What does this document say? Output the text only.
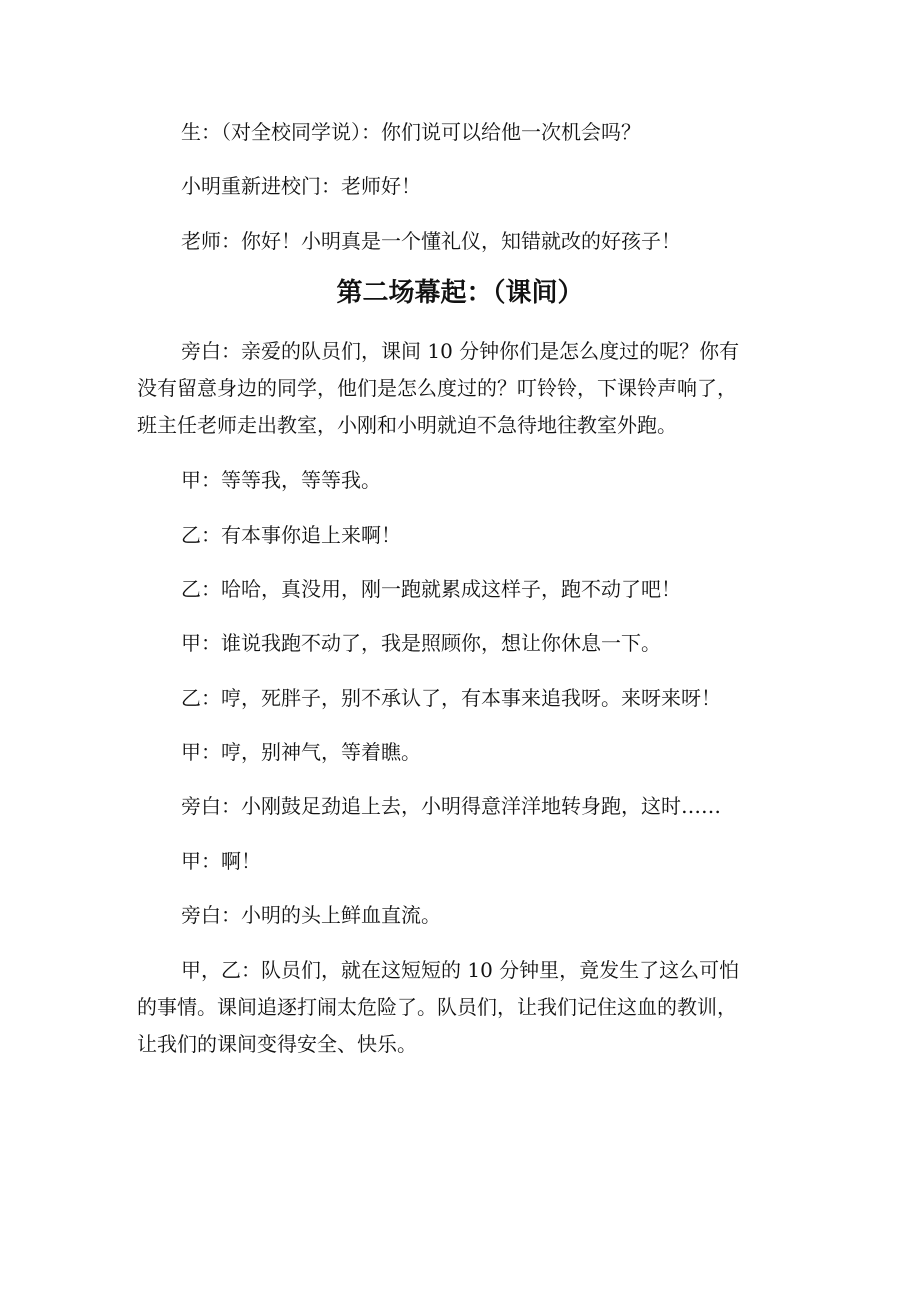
生：（对全校同学说）：你们说可以给他一次机会吗？
小明重新进校门：老师好！
老师：你好！小明真是一个懂礼仪，知错就改的好孩子！
第二场幕起：（课间）
旁白：亲爱的队员们，课间 10 分钟你们是怎么度过的呢？你有
没有留意身边的同学，他们是怎么度过的？叮铃铃，下课铃声响了，
班主任老师走出教室，小刚和小明就迫不急待地往教室外跑。
甲：等等我，等等我。
乙：有本事你追上来啊！
乙：哈哈，真没用，刚一跑就累成这样子，跑不动了吧！
甲：谁说我跑不动了，我是照顾你，想让你休息一下。
乙：哼，死胖子，别不承认了，有本事来追我呀。来呀来呀！
甲：哼，别神气，等着瞧。
旁白：小刚鼓足劲追上去，小明得意洋洋地转身跑，这时……
甲：啊！
旁白：小明的头上鲜血直流。
甲，乙：队员们，就在这短短的 10 分钟里，竟发生了这么可怕
的事情。课间追逐打闹太危险了。队员们，让我们记住这血的教训，
让我们的课间变得安全、快乐。
